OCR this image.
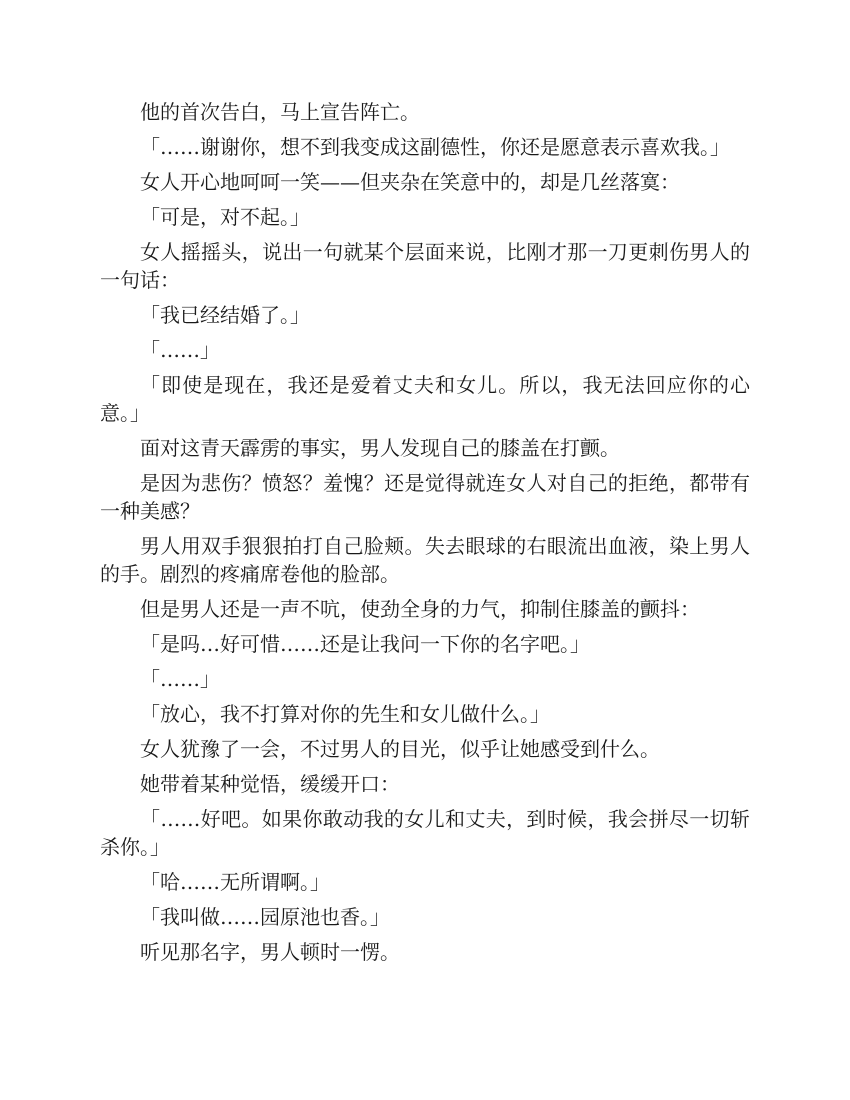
他的首次告白，马上宣告阵亡。

「……谢谢你，想不到我变成这副德性，你还是愿意表示喜欢我。」

女人开心地呵呵一笑——但夹杂在笑意中的，却是几丝落寞：

「可是，对不起。」

女人摇摇头，说出一句就某个层面来说，比刚才那一刀更刺伤男人的一句话：

「我已经结婚了。」

「……」

「即使是现在，我还是爱着丈夫和女儿。所以，我无法回应你的心意。」

面对这青天霹雳的事实，男人发现自己的膝盖在打颤。

是因为悲伤？愤怒？羞愧？还是觉得就连女人对自己的拒绝，都带有一种美感？

男人用双手狠狠拍打自己脸颊。失去眼球的右眼流出血液，染上男人的手。剧烈的疼痛席卷他的脸部。

但是男人还是一声不吭，使劲全身的力气，抑制住膝盖的颤抖：

「是吗…好可惜……还是让我问一下你的名字吧。」

「……」

「放心，我不打算对你的先生和女儿做什么。」

女人犹豫了一会，不过男人的目光，似乎让她感受到什么。

她带着某种觉悟，缓缓开口：

「……好吧。如果你敢动我的女儿和丈夫，到时候，我会拼尽一切斩杀你。」

「哈……无所谓啊。」

「我叫做……园原池也香。」

听见那名字，男人顿时一愣。
